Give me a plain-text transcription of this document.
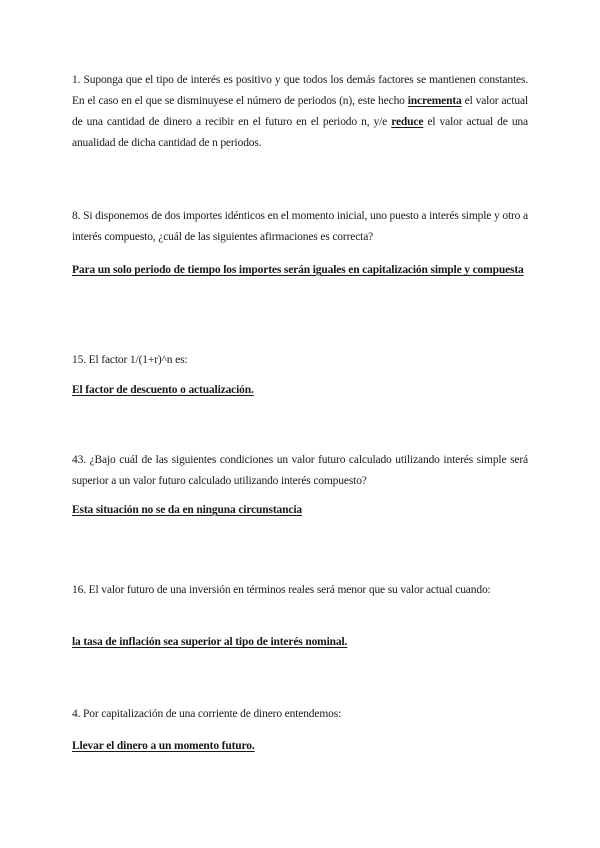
1. Suponga que el tipo de interés es positivo y que todos los demás factores se mantienen constantes. En el caso en el que se disminuyese el número de periodos (n), este hecho incrementa el valor actual de una cantidad de dinero a recibir en el futuro en el periodo n, y/e reduce el valor actual de una anualidad de dicha cantidad de n periodos.

8. Si disponemos de dos importes idénticos en el momento inicial, uno puesto a interés simple y otro a interés compuesto, ¿cuál de las siguientes afirmaciones es correcta?

Para un solo periodo de tiempo los importes serán iguales en capitalización simple y compuesta

15. El factor 1/(1+r)^n es:

El factor de descuento o actualización.

43. ¿Bajo cuál de las siguientes condiciones un valor futuro calculado utilizando interés simple será superior a un valor futuro calculado utilizando interés compuesto?

Esta situación no se da en ninguna circunstancia

16. El valor futuro de una inversión en términos reales será menor que su valor actual cuando:

la tasa de inflación sea superior al tipo de interés nominal.

4. Por capitalización de una corriente de dinero entendemos:

Llevar el dinero a un momento futuro.
